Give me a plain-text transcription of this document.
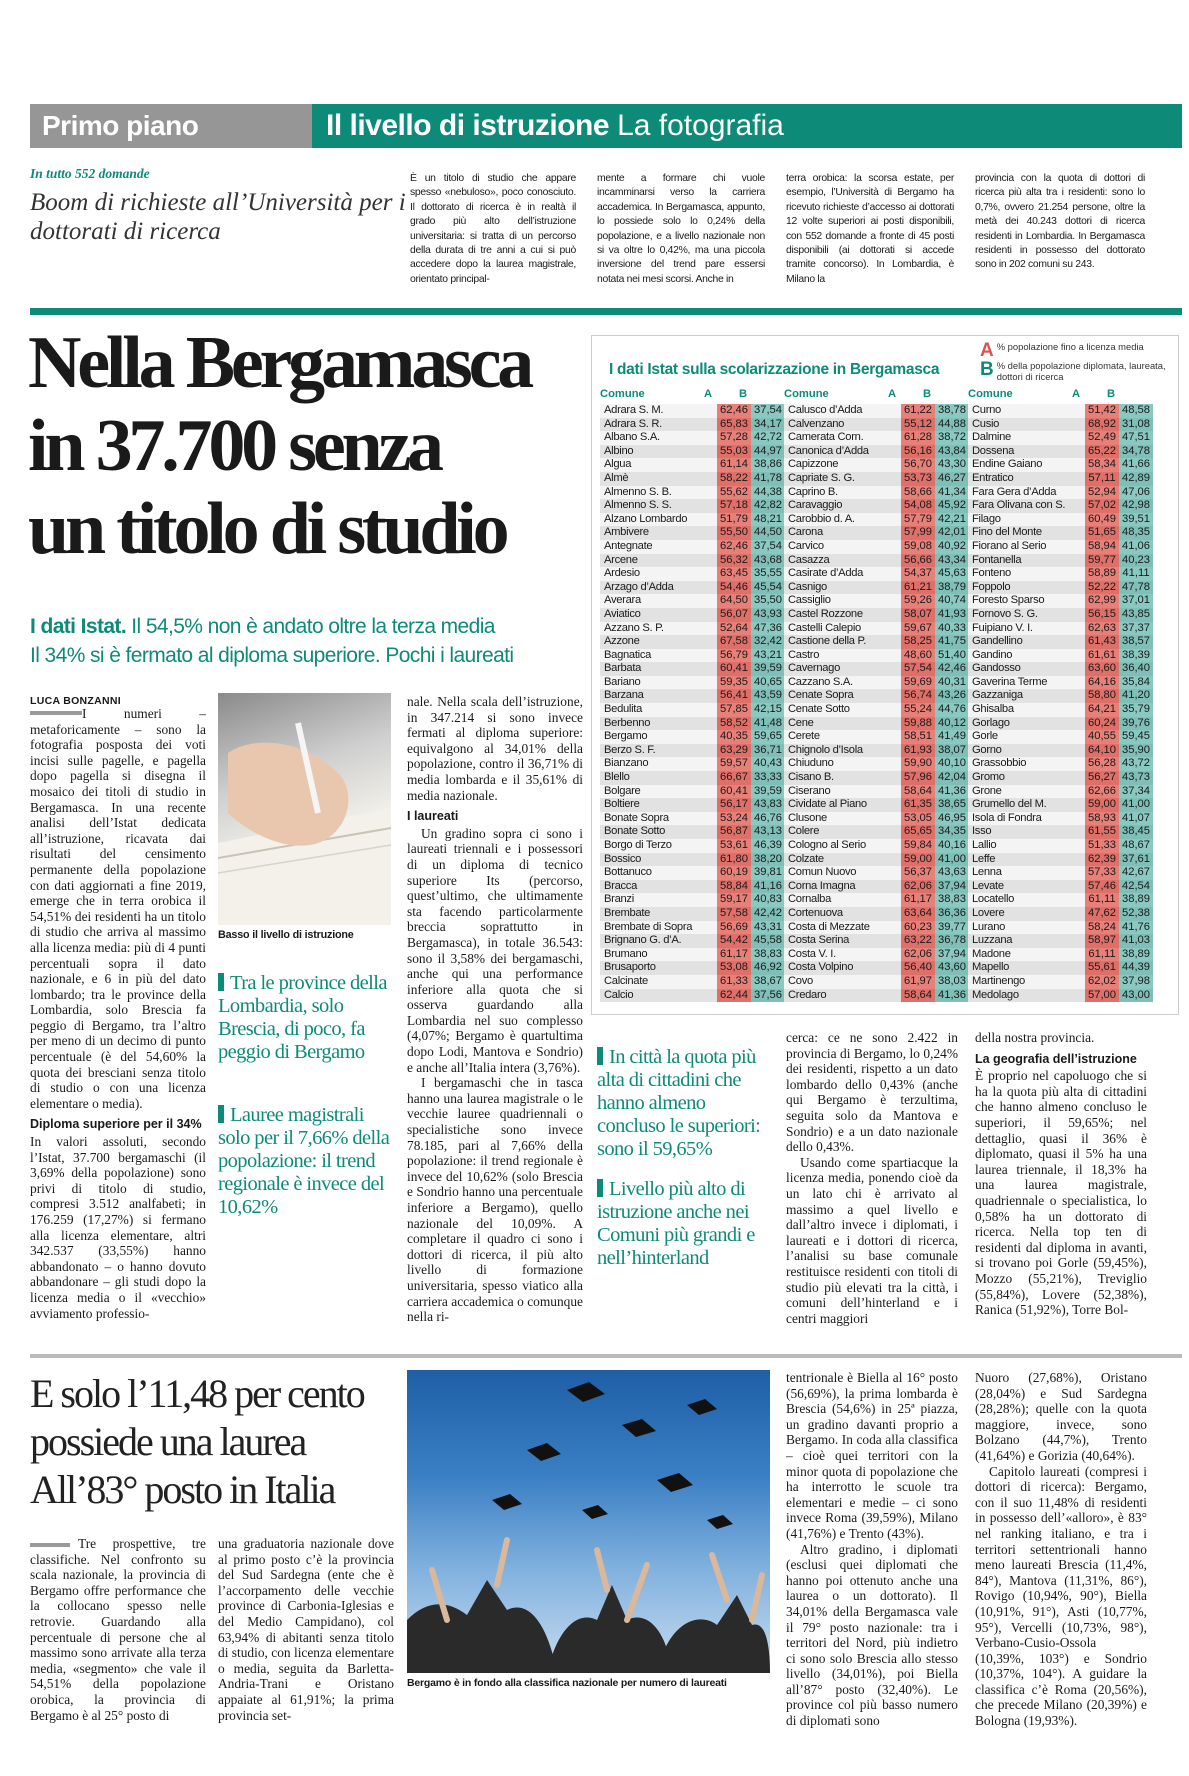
Primo piano	Il livello di istruzione La fotografia
In tutto 552 domande
Boom di richieste all’Università per i dottorati di ricerca
È un titolo di studio che appare spesso «nebuloso», poco conosciuto. Il dottorato di ricerca è in realtà il grado più alto dell’istruzione universitaria: si tratta di un percorso della durata di tre anni a cui si può accedere dopo la laurea magistrale, orientato principal-
mente a formare chi vuole incamminarsi verso la carriera accademica. In Bergamasca, appunto, lo possiede solo lo 0,24% della popolazione, e a livello nazionale non si va oltre lo 0,42%, ma una piccola inversione del trend pare essersi notata nei mesi scorsi. Anche in
terra orobica: la scorsa estate, per esempio, l’Università di Bergamo ha ricevuto richieste d’accesso ai dottorati 12 volte superiori ai posti disponibili, con 552 domande a fronte di 45 posti disponibili (ai dottorati si accede tramite concorso). In Lombardia, è Milano la
provincia con la quota di dottori di ricerca più alta tra i residenti: sono lo 0,7%, ovvero 21.254 persone, oltre la metà dei 40.243 dottori di ricerca residenti in Lombardia. In Bergamasca residenti in possesso del dottorato sono in 202 comuni su 243.
Nella Bergamasca
in 37.700 senza
un titolo di studio
I dati Istat. Il 54,5% non è andato oltre la terza media
Il 34% si è fermato al diploma superiore. Pochi i laureati
LUCA BONZANNI

I numeri – metaforicamente – sono la fotografia posposta dei voti incisi sulle pagelle, e pagella dopo pagella si disegna il mosaico dei titoli di studio in Bergamasca. In una recente analisi dell’Istat dedicata all’istruzione, ricavata dai risultati del censimento permanente della popolazione con dati aggiornati a fine 2019, emerge che in terra orobica il 54,51% dei residenti ha un titolo di studio che arriva al massimo alla licenza media: più di 4 punti percentuali sopra il dato nazionale, e 6 in più del dato lombardo; tra le province della Lombardia, solo Brescia fa peggio di Bergamo, tra l’altro per meno di un decimo di punto percentuale (è del 54,60% la quota dei bresciani senza titolo di studio o con una licenza elementare o media).

Diploma superiore per il 34%

In valori assoluti, secondo l’Istat, 37.700 bergamaschi (il 3,69% della popolazione) sono privi di titolo di studio, compresi 3.512 analfabeti; in 176.259 (17,27%) si fermano alla licenza elementare, altri 342.537 (33,55%) hanno abbandonato – o hanno dovuto abbandonare – gli studi dopo la licenza media o il «vecchio» avviamento professio-

Basso il livello di istruzione
Tra le province della Lombardia, solo Brescia, di poco, fa peggio di Bergamo
Lauree magistrali solo per il 7,66% della popolazione: il trend regionale è invece del 10,62%

nale. Nella scala dell’istruzione, in 347.214 si sono invece fermati al diploma superiore: equivalgono al 34,01% della popolazione, contro il 36,71% di media lombarda e il 35,61% di media nazionale.

I laureati

Un gradino sopra ci sono i laureati triennali e i possessori di un diploma di tecnico superiore Its (percorso, quest’ultimo, che ultimamente sta facendo particolarmente breccia soprattutto in Bergamasca), in totale 36.543: sono il 3,58% dei bergamaschi, anche qui una performance inferiore alla quota che si osserva guardando alla Lombardia nel suo complesso (4,07%; Bergamo è quartultima dopo Lodi, Mantova e Sondrio) e anche all’Italia intera (3,76%).

I bergamaschi che in tasca hanno una laurea magistrale o le vecchie lauree quadriennali o specialistiche sono invece 78.185, pari al 7,66% della popolazione: il trend regionale è invece del 10,62% (solo Brescia e Sondrio hanno una percentuale inferiore a Bergamo), quello nazionale del 10,09%. A completare il quadro ci sono i dottori di ricerca, il più alto livello di formazione universitaria, spesso viatico alla carriera accademica o comunque nella ri-

I dati Istat sulla scolarizzazione in Bergamasca
A % popolazione fino a licenza media
B % della popolazione diplomata, laureata, dottori di ricerca
Comune	A B	Comune	A B	Comune	A B
Adrara S. M.	62,46	37,54
Adrara S. R.	65,83	34,17
Albano S.A.	57,28	42,72
Albino	55,03	44,97
Algua	61,14	38,86
Almè	58,22	41,78
Almenno S. B.	55,62	44,38
Almenno S. S.	57,18	42,82
Alzano Lombardo	51,79	48,21
Ambivere	55,50	44,50
Antegnate	62,46	37,54
Arcene	56,32	43,68
Ardesio	63,45	35,55
Arzago d’Adda	54,46	45,54
Averara	64,50	35,50
Aviatico	56,07	43,93
Azzano S. P.	52,64	47,36
Azzone	67,58	32,42
Bagnatica	56,79	43,21
Barbata	60,41	39,59
Bariano	59,35	40,65
Barzana	56,41	43,59
Bedulita	57,85	42,15
Berbenno	58,52	41,48
Bergamo	40,35	59,65
Berzo S. F.	63,29	36,71
Bianzano	59,57	40,43
Blello	66,67	33,33
Bolgare	60,41	39,59
Boltiere	56,17	43,83
Bonate Sopra	53,24	46,76
Bonate Sotto	56,87	43,13
Borgo di Terzo	53,61	46,39
Bossico	61,80	38,20
Bottanuco	60,19	39,81
Bracca	58,84	41,16
Branzi	59,17	40,83
Brembate	57,58	42,42
Brembate di Sopra	56,69	43,31
Brignano G. d’A.	54,42	45,58
Brumano	61,17	38,83
Brusaporto	53,08	46,92
Calcinate	61,33	38,67
Calcio	62,44	37,56
Calusco d’Adda	61,22	38,78
Calvenzano	55,12	44,88
Camerata Corn.	61,28	38,72
Canonica d’Adda	56,16	43,84
Capizzone	56,70	43,30
Capriate S. G.	53,73	46,27
Caprino B.	58,66	41,34
Caravaggio	54,08	45,92
Carobbio d. A.	57,79	42,21
Carona	57,99	42,01
Carvico	59,08	40,92
Casazza	56,66	43,34
Casirate d’Adda	54,37	45,63
Casnigo	61,21	38,79
Cassiglio	59,26	40,74
Castel Rozzone	58,07	41,93
Castelli Calepio	59,67	40,33
Castione della P.	58,25	41,75
Castro	48,60	51,40
Cavernago	57,54	42,46
Cazzano S.A.	59,69	40,31
Cenate Sopra	56,74	43,26
Cenate Sotto	55,24	44,76
Cene	59,88	40,12
Cerete	58,51	41,49
Chignolo d’Isola	61,93	38,07
Chiuduno	59,90	40,10
Cisano B.	57,96	42,04
Ciserano	58,64	41,36
Cividate al Piano	61,35	38,65
Clusone	53,05	46,95
Colere	65,65	34,35
Cologno al Serio	59,84	40,16
Colzate	59,00	41,00
Comun Nuovo	56,37	43,63
Corna Imagna	62,06	37,94
Cornalba	61,17	38,83
Cortenuova	63,64	36,36
Costa di Mezzate	60,23	39,77
Costa Serina	63,22	36,78
Costa V. I.	62,06	37,94
Costa Volpino	56,40	43,60
Covo	61,97	38,03
Credaro	58,64	41,36
Curno	51,42	48,58
Cusio	68,92	31,08
Dalmine	52,49	47,51
Dossena	65,22	34,78
Endine Gaiano	58,34	41,66
Entratico	57,11	42,89
Fara Gera d’Adda	52,94	47,06
Fara Olivana con S.	57,02	42,98
Filago	60,49	39,51
Fino del Monte	51,65	48,35
Fiorano al Serio	58,94	41,06
Fontanella	59,77	40,23
Fonteno	58,89	41,11
Foppolo	52,22	47,78
Foresto Sparso	62,99	37,01
Fornovo S. G.	56,15	43,85
Fuipiano V. I.	62,63	37,37
Gandellino	61,43	38,57
Gandino	61,61	38,39
Gandosso	63,60	36,40
Gaverina Terme	64,16	35,84
Gazzaniga	58,80	41,20
Ghisalba	64,21	35,79
Gorlago	60,24	39,76
Gorle	40,55	59,45
Gorno	64,10	35,90
Grassobbio	56,28	43,72
Gromo	56,27	43,73
Grone	62,66	37,34
Grumello del M.	59,00	41,00
Isola di Fondra	58,93	41,07
Isso	61,55	38,45
Lallio	51,33	48,67
Leffe	62,39	37,61
Lenna	57,33	42,67
Levate	57,46	42,54
Locatello	61,11	38,89
Lovere	47,62	52,38
Lurano	58,24	41,76
Luzzana	58,97	41,03
Madone	61,11	38,89
Mapello	55,61	44,39
Martinengo	62,02	37,98
Medolago	57,00	43,00
In città la quota più alta di cittadini che hanno almeno concluso le superiori: sono il 59,65%
Livello più alto di istruzione anche nei Comuni più grandi e nell’hinterland

cerca: ce ne sono 2.422 in provincia di Bergamo, lo 0,24% dei residenti, rispetto a un dato lombardo dello 0,43% (anche qui Bergamo è terzultima, seguita solo da Mantova e Sondrio) e a un dato nazionale dello 0,43%.

Usando come spartiacque la licenza media, ponendo cioè da un lato chi è arrivato al massimo a quel livello e dall’altro invece i diplomati, i laureati e i dottori di ricerca, l’analisi su base comunale restituisce residenti con titoli di studio più elevati tra la città, i comuni dell’hinterland e i centri maggiori

della nostra provincia.

La geografia dell’istruzione

È proprio nel capoluogo che si ha la quota più alta di cittadini che hanno almeno concluso le superiori, il 59,65%; nel dettaglio, quasi il 36% è diplomato, quasi il 5% ha una laurea triennale, il 18,3% ha una laurea magistrale, quadriennale o specialistica, lo 0,58% ha un dottorato di ricerca. Nella top ten di residenti dal diploma in avanti, si trovano poi Gorle (59,45%), Mozzo (55,21%), Treviglio (55,84%), Lovere (52,38%), Ranica (51,92%), Torre Bol-

E solo l’11,48 per cento
possiede una laurea
All’83° posto in Italia

Tre prospettive, tre classifiche. Nel confronto su scala nazionale, la provincia di Bergamo offre performance che la collocano spesso nelle retrovie. Guardando alla percentuale di persone che al massimo sono arrivate alla terza media, «segmento» che vale il 54,51% della popolazione orobica, la provincia di Bergamo è al 25° posto di

una graduatoria nazionale dove al primo posto c’è la provincia del Sud Sardegna (ente che è l’accorpamento delle vecchie province di Carbonia-Iglesias e del Medio Campidano), col 63,94% di abitanti senza titolo di studio, con licenza elementare o media, seguita da Barletta-Andria-Trani e Oristano appaiate al 61,91%; la prima provincia set-

Bergamo è in fondo alla classifica nazionale per numero di laureati

tentrionale è Biella al 16° posto (56,69%), la prima lombarda è Brescia (54,6%) in 25ª piazza, un gradino davanti proprio a Bergamo. In coda alla classifica – cioè quei territori con la minor quota di popolazione che ha interrotto le scuole tra elementari e medie – ci sono invece Roma (39,59%), Milano (41,76%) e Trento (43%).

Altro gradino, i diplomati (esclusi quei diplomati che hanno poi ottenuto anche una laurea o un dottorato). Il 34,01% della Bergamasca vale il 79° posto nazionale: tra i territori del Nord, più indietro ci sono solo Brescia allo stesso livello (34,01%), poi Biella all’87° posto (32,40%). Le province col più basso numero di diplomati sono

Nuoro (27,68%), Oristano (28,04%) e Sud Sardegna (28,28%); quelle con la quota maggiore, invece, sono Bolzano (44,7%), Trento (41,64%) e Gorizia (40,64%).

Capitolo laureati (compresi i dottori di ricerca): Bergamo, con il suo 11,48% di residenti in possesso dell’«alloro», è 83° nel ranking italiano, e tra i territori settentrionali hanno meno laureati Brescia (11,4%, 84°), Mantova (11,31%, 86°), Rovigo (10,94%, 90°), Biella (10,91%, 91°), Asti (10,77%, 95°), Vercelli (10,73%, 98°), Verbano-Cusio-Ossola (10,39%, 103°) e Sondrio (10,37%, 104°). A guidare la classifica c’è Roma (20,56%), che precede Milano (20,39%) e Bologna (19,93%).
